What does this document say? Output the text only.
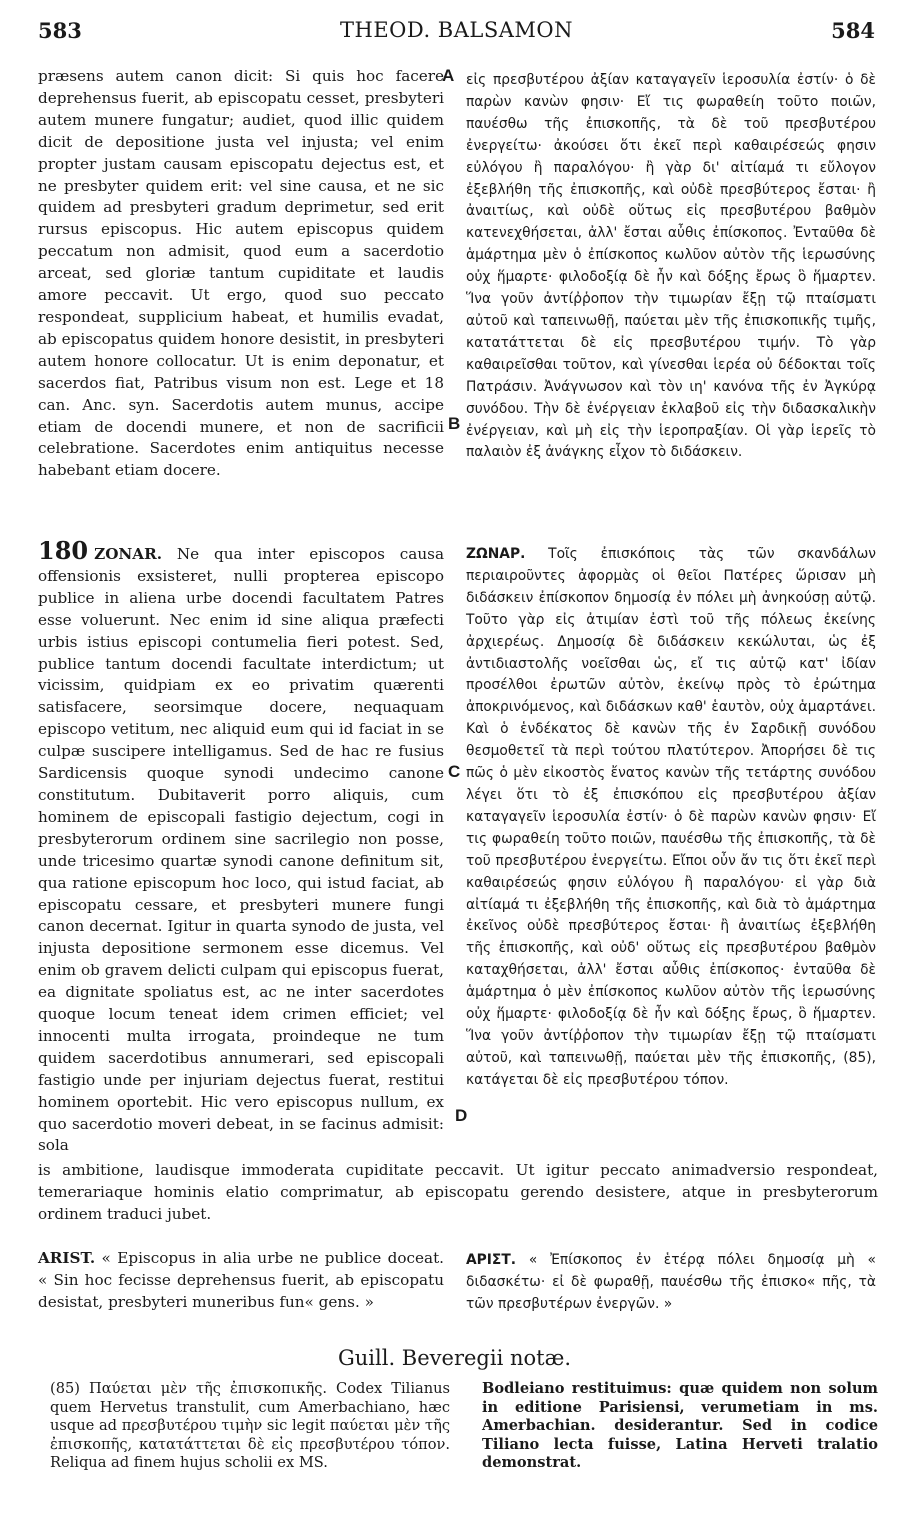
583	THEOD. BALSAMON	584
A
B
C
D

præsens autem canon dicit: Si quis hoc facere deprehensus fuerit, ab episcopatu cesset, presbyteri autem munere fungatur; audiet, quod illic quidem dicit de depositione justa vel injusta; vel enim propter justam causam episcopatu dejectus est, et ne presbyter quidem erit: vel sine causa, et ne sic quidem ad presbyteri gradum deprimetur, sed erit rursus episcopus. Hic autem episcopus quidem peccatum non admisit, quod eum a sacerdotio arceat, sed gloriæ tantum cupiditate et laudis amore peccavit. Ut ergo, quod suo peccato respondeat, supplicium habeat, et humilis evadat, ab episcopatus quidem honore desistit, in presbyteri autem honore collocatur. Ut is enim deponatur, et sacerdos fiat, Patribus visum non est. Lege et 18 can. Anc. syn. Sacerdotis autem munus, accipe etiam de docendi munere, et non de sacrificii celebratione. Sacerdotes enim antiquitus necesse habebant etiam docere.

εἰς πρεσβυτέρου ἀξίαν καταγαγεῖν ἱεροσυλία ἐστίν· ὁ δὲ παρὼν κανὼν φησιν· Εἴ τις φωραθείη τοῦτο ποιῶν, παυέσθω τῆς ἐπισκοπῆς, τὰ δὲ τοῦ πρεσβυτέρου ἐνεργείτω· ἀκούσει ὅτι ἐκεῖ περὶ καθαιρέσεώς φησιν εὐλόγου ἢ παραλόγου· ἢ γὰρ δι' αἰτίαμά τι εὔλογον ἐξεβλήθη τῆς ἐπισκοπῆς, καὶ οὐδὲ πρεσβύτερος ἔσται· ἢ ἀναιτίως, καὶ οὐδὲ οὕτως εἰς πρεσβυτέρου βαθμὸν κατενεχθήσεται, ἀλλ' ἔσται αὖθις ἐπίσκοπος. Ἐνταῦθα δὲ ἁμάρτημα μὲν ὁ ἐπίσκοπος κωλῦον αὐτὸν τῆς ἱερωσύνης οὐχ ἥμαρτε· φιλοδοξίᾳ δὲ ἦν καὶ δόξης ἔρως ὃ ἥμαρτεν. Ἵνα γοῦν ἀντίῤῥοπον τὴν τιμωρίαν ἔξῃ τῷ πταίσματι αὐτοῦ καὶ ταπεινωθῇ, παύεται μὲν τῆς ἐπισκοπικῆς τιμῆς, κατατάττεται δὲ εἰς πρεσβυτέρου τιμήν. Τὸ γὰρ καθαιρεῖσθαι τοῦτον, καὶ γίνεσθαι ἱερέα οὐ δέδοκται τοῖς Πατράσιν. Ἀνάγνωσον καὶ τὸν ιη' κανόνα τῆς ἐν Ἀγκύρᾳ συνόδου. Τὴν δὲ ἐνέργειαν ἐκλαβοῦ εἰς τὴν διδασκαλικὴν ἐνέργειαν, καὶ μὴ εἰς τὴν ἱεροπραξίαν. Οἱ γὰρ ἱερεῖς τὸ παλαιὸν ἐξ ἀνάγκης εἶχον τὸ διδάσκειν.

180 ZONAR. Ne qua inter episcopos causa offensionis exsisteret, nulli propterea episcopo publice in aliena urbe docendi facultatem Patres esse voluerunt. Nec enim id sine aliqua præfecti urbis istius episcopi contumelia fieri potest. Sed, publice tantum docendi facultate interdictum; ut vicissim, quidpiam ex eo privatim quærenti satisfacere, seorsimque docere, nequaquam episcopo vetitum, nec aliquid eum qui id faciat in se culpæ suscipere intelligamus. Sed de hac re fusius Sardicensis quoque synodi undecimo canone constitutum. Dubitaverit porro aliquis, cum hominem de episcopali fastigio dejectum, cogi in presbyterorum ordinem sine sacrilegio non posse, unde tricesimo quartæ synodi canone definitum sit, qua ratione episcopum hoc loco, qui istud faciat, ab episcopatu cessare, et presbyteri munere fungi canon decernat. Igitur in quarta synodo de justa, vel injusta depositione sermonem esse dicemus. Vel enim ob gravem delicti culpam qui episcopus fuerat, ea dignitate spoliatus est, ac ne inter sacerdotes quoque locum teneat idem crimen efficiet; vel innocenti multa irrogata, proindeque ne tum quidem sacerdotibus annumerari, sed episcopali fastigio unde per injuriam dejectus fuerat, restitui hominem oportebit. Hic vero episcopus nullum, ex quo sacerdotio moveri debeat, in se facinus admisit: sola

ΖΩΝΑΡ. Τοῖς ἐπισκόποις τὰς τῶν σκανδάλων περιαιροῦντες ἀφορμὰς οἱ θεῖοι Πατέρες ὥρισαν μὴ διδάσκειν ἐπίσκοπον δημοσίᾳ ἐν πόλει μὴ ἀνηκούσῃ αὐτῷ. Τοῦτο γὰρ εἰς ἀτιμίαν ἐστὶ τοῦ τῆς πόλεως ἐκείνης ἀρχιερέως. Δημοσίᾳ δὲ διδάσκειν κεκώλυται, ὡς ἐξ ἀντιδιαστολῆς νοεῖσθαι ὡς, εἴ τις αὐτῷ κατ' ἰδίαν προσέλθοι ἐρωτῶν αὐτὸν, ἐκείνῳ πρὸς τὸ ἐρώτημα ἀποκρινόμενος, καὶ διδάσκων καθ' ἑαυτὸν, οὐχ ἁμαρτάνει. Καὶ ὁ ἑνδέκατος δὲ κανὼν τῆς ἐν Σαρδικῇ συνόδου θεσμοθετεῖ τὰ περὶ τούτου πλατύτερον. Ἀπορήσει δὲ τις πῶς ὁ μὲν εἰκοστὸς ἔνατος κανὼν τῆς τετάρτης συνόδου λέγει ὅτι τὸ ἐξ ἐπισκόπου εἰς πρεσβυτέρου ἀξίαν καταγαγεῖν ἱεροσυλία ἐστίν· ὁ δὲ παρὼν κανὼν φησιν· Εἴ τις φωραθείη τοῦτο ποιῶν, παυέσθω τῆς ἐπισκοπῆς, τὰ δὲ τοῦ πρεσβυτέρου ἐνεργείτω. Εἴποι οὖν ἄν τις ὅτι ἐκεῖ περὶ καθαιρέσεώς φησιν εὐλόγου ἢ παραλόγου· εἰ γὰρ διὰ αἰτίαμά τι ἐξεβλήθη τῆς ἐπισκοπῆς, καὶ διὰ τὸ ἁμάρτημα ἐκεῖνος οὐδὲ πρεσβύτερος ἔσται· ἢ ἀναιτίως ἐξεβλήθη τῆς ἐπισκοπῆς, καὶ οὐδ' οὕτως εἰς πρεσβυτέρου βαθμὸν καταχθήσεται, ἀλλ' ἔσται αὖθις ἐπίσκοπος· ἐνταῦθα δὲ ἁμάρτημα ὁ μὲν ἐπίσκοπος κωλῦον αὐτὸν τῆς ἱερωσύνης οὐχ ἥμαρτε· φιλοδοξίᾳ δὲ ἦν καὶ δόξης ἔρως, ὃ ἥμαρτεν. Ἵνα γοῦν ἀντίῤῥοπον τὴν τιμωρίαν ἔξῃ τῷ πταίσματι αὐτοῦ, καὶ ταπεινωθῇ, παύεται μὲν τῆς ἐπισκοπῆς, (85), κατάγεται δὲ εἰς πρεσβυτέρου τόπον.

is ambitione, laudisque immoderata cupiditate peccavit. Ut igitur peccato animadversio respondeat, temerariaque hominis elatio comprimatur, ab episcopatu gerendo desistere, atque in presbyterorum ordinem traduci jubet.

ARIST. « Episcopus in alia urbe ne publice doceat. « Sin hoc fecisse deprehensus fuerit, ab episcopatu desistat, presbyteri muneribus fun« gens. »

ΑΡΙΣΤ. « Ἐπίσκοπος ἐν ἑτέρᾳ πόλει δημοσίᾳ μὴ « διδασκέτω· εἰ δὲ φωραθῇ, παυέσθω τῆς ἐπισκο« πῆς, τὰ τῶν πρεσβυτέρων ἐνεργῶν. »

Guill. Beveregii notæ.

(85) Παύεται μὲν τῆς ἐπισκοπικῆς. Codex Tilianus quem Hervetus transtulit, cum Amerbachiano, hæc usque ad πρεσβυτέρου τιμὴν sic legit παύεται μὲν τῆς ἐπισκοπῆς, κατατάττεται δὲ εἰς πρεσβυτέρου τόπον. Reliqua ad finem hujus scholii ex MS.

Bodleiano restituimus: quæ quidem non solum in editione Parisiensi, verumetiam in ms. Amerbachian. desiderantur. Sed in codice Tiliano lecta fuisse, Latina Herveti tralatio demonstrat.
